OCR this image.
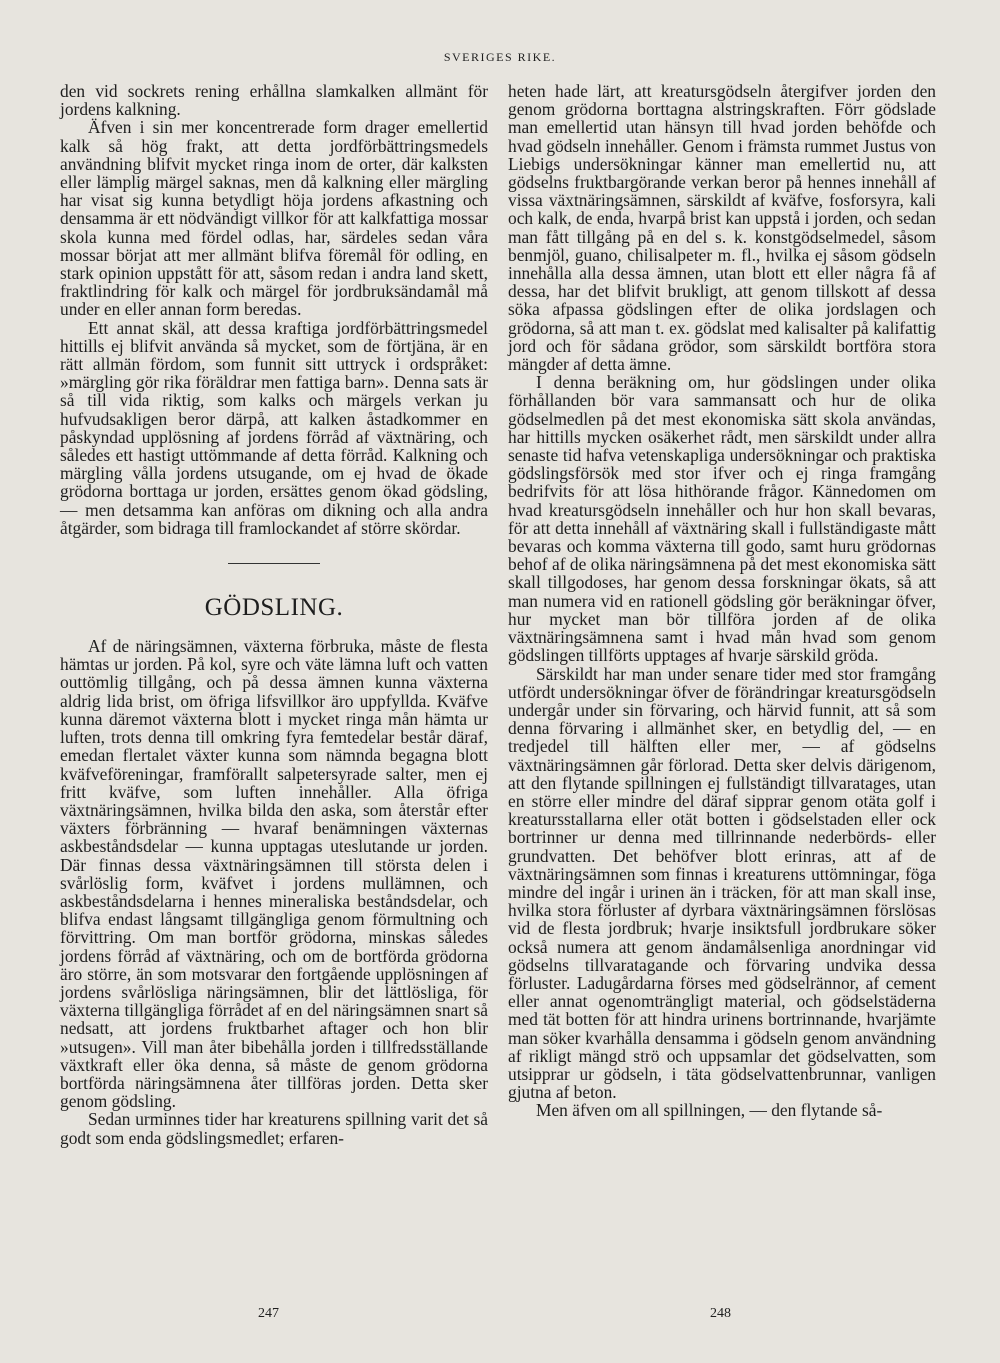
SVERIGES RIKE.

den vid sockrets rening erhållna slamkalken allmänt för jordens kalkning.

Äfven i sin mer koncentrerade form drager emellertid kalk så hög frakt, att detta jordförbättringsmedels användning blifvit mycket ringa inom de orter, där kalksten eller lämplig märgel saknas, men då kalkning eller märgling har visat sig kunna betydligt höja jordens afkastning och densamma är ett nödvändigt villkor för att kalkfattiga mossar skola kunna med fördel odlas, har, särdeles sedan våra mossar börjat att mer allmänt blifva föremål för odling, en stark opinion uppstått för att, såsom redan i andra land skett, fraktlindring för kalk och märgel för jordbruksändamål må under en eller annan form beredas.

Ett annat skäl, att dessa kraftiga jordförbättringsmedel hittills ej blifvit använda så mycket, som de förtjäna, är en rätt allmän fördom, som funnit sitt uttryck i ordspråket: »märgling gör rika föräldrar men fattiga barn». Denna sats är så till vida riktig, som kalks och märgels verkan ju hufvudsakligen beror därpå, att kalken åstadkommer en påskyndad upplösning af jordens förråd af växtnäring, och således ett hastigt uttömmande af detta förråd. Kalkning och märgling vålla jordens utsugande, om ej hvad de ökade grödorna borttaga ur jorden, ersättes genom ökad gödsling, — men detsamma kan anföras om dikning och alla andra åtgärder, som bidraga till framlockandet af större skördar.

GÖDSLING.

Af de näringsämnen, växterna förbruka, måste de flesta hämtas ur jorden. På kol, syre och väte lämna luft och vatten outtömlig tillgång, och på dessa ämnen kunna växterna aldrig lida brist, om öfriga lifsvillkor äro uppfyllda. Kväfve kunna däremot växterna blott i mycket ringa mån hämta ur luften, trots denna till omkring fyra femtedelar består däraf, emedan flertalet växter kunna som nämnda begagna blott kväfveföreningar, framförallt salpetersyrade salter, men ej fritt kväfve, som luften innehåller. Alla öfriga växtnäringsämnen, hvilka bilda den aska, som återstår efter växters förbränning — hvaraf benämningen växternas askbeståndsdelar — kunna upptagas uteslutande ur jorden. Där finnas dessa växtnäringsämnen till största delen i svårlöslig form, kväfvet i jordens mullämnen, och askbeståndsdelarna i hennes mineraliska beståndsdelar, och blifva endast långsamt tillgängliga genom förmultning och förvittring. Om man bortför grödorna, minskas således jordens förråd af växtnäring, och om de bortförda grödorna äro större, än som motsvarar den fortgående upplösningen af jordens svårlösliga näringsämnen, blir det lättlösliga, för växterna tillgängliga förrådet af en del näringsämnen snart så nedsatt, att jordens fruktbarhet aftager och hon blir »utsugen». Vill man åter bibehålla jorden i tillfredsställande växtkraft eller öka denna, så måste de genom grödorna bortförda näringsämnena åter tillföras jorden. Detta sker genom gödsling.

Sedan urminnes tider har kreaturens spillning varit det så godt som enda gödslingsmedlet; erfaren-

heten hade lärt, att kreatursgödseln återgifver jorden den genom grödorna borttagna alstringskraften. Förr gödslade man emellertid utan hänsyn till hvad jorden behöfde och hvad gödseln innehåller. Genom i främsta rummet Justus von Liebigs undersökningar känner man emellertid nu, att gödselns fruktbargörande verkan beror på hennes innehåll af vissa växtnäringsämnen, särskildt af kväfve, fosforsyra, kali och kalk, de enda, hvarpå brist kan uppstå i jorden, och sedan man fått tillgång på en del s. k. konstgödselmedel, såsom benmjöl, guano, chilisalpeter m. fl., hvilka ej såsom gödseln innehålla alla dessa ämnen, utan blott ett eller några få af dessa, har det blifvit brukligt, att genom tillskott af dessa söka afpassa gödslingen efter de olika jordslagen och grödorna, så att man t. ex. gödslat med kalisalter på kalifattig jord och för sådana grödor, som särskildt bortföra stora mängder af detta ämne.

I denna beräkning om, hur gödslingen under olika förhållanden bör vara sammansatt och hur de olika gödselmedlen på det mest ekonomiska sätt skola användas, har hittills mycken osäkerhet rådt, men särskildt under allra senaste tid hafva vetenskapliga undersökningar och praktiska gödslingsförsök med stor ifver och ej ringa framgång bedrifvits för att lösa hithörande frågor. Kännedomen om hvad kreatursgödseln innehåller och hur hon skall bevaras, för att detta innehåll af växtnäring skall i fullständigaste mått bevaras och komma växterna till godo, samt huru grödornas behof af de olika näringsämnena på det mest ekonomiska sätt skall tillgodoses, har genom dessa forskningar ökats, så att man numera vid en rationell gödsling gör beräkningar öfver, hur mycket man bör tillföra jorden af de olika växtnäringsämnena samt i hvad mån hvad som genom gödslingen tillförts upptages af hvarje särskild gröda.

Särskildt har man under senare tider med stor framgång utfördt undersökningar öfver de förändringar kreatursgödseln undergår under sin förvaring, och härvid funnit, att så som denna förvaring i allmänhet sker, en betydlig del, — en tredjedel till hälften eller mer, — af gödselns växtnäringsämnen går förlorad. Detta sker delvis därigenom, att den flytande spillningen ej fullständigt tillvaratages, utan en större eller mindre del däraf sipprar genom otäta golf i kreatursstallarna eller otät botten i gödselstaden eller ock bortrinner ur denna med tillrinnande nederbörds- eller grundvatten. Det behöfver blott erinras, att af de växtnäringsämnen som finnas i kreaturens uttömningar, föga mindre del ingår i urinen än i träcken, för att man skall inse, hvilka stora förluster af dyrbara växtnäringsämnen förslösas vid de flesta jordbruk; hvarje insiktsfull jordbrukare söker också numera att genom ändamålsenliga anordningar vid gödselns tillvaratagande och förvaring undvika dessa förluster. Ladugårdarna förses med gödselrännor, af cement eller annat ogenomträngligt material, och gödselstäderna med tät botten för att hindra urinens bortrinnande, hvarjämte man söker kvarhålla densamma i gödseln genom användning af rikligt mängd strö och uppsamlar det gödselvatten, som utsipprar ur gödseln, i täta gödselvattenbrunnar, vanligen gjutna af beton.

Men äfven om all spillningen, — den flytande så-

247	248
